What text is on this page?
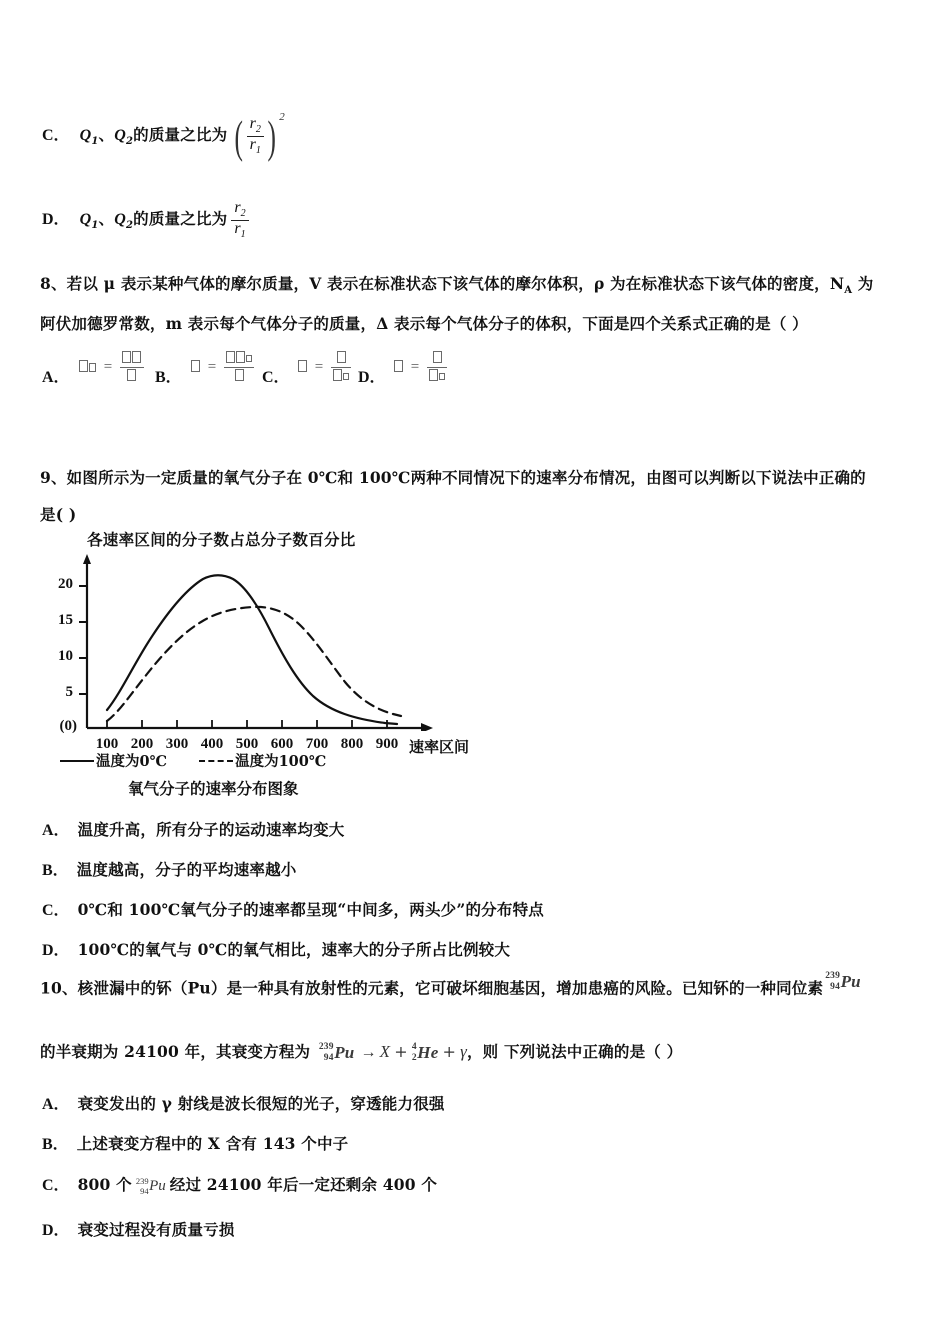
C． $Q_1$、$Q_2$的质量之比为 ( $\frac{r_2}{r_1}$ ) $^2$
D． $Q_1$、$Q_2$的质量之比为 $\frac{r_2}{r_1}$
8、若以 μ 表示某种气体的摩尔质量，V 表示在标准状态下该气体的摩尔体积，ρ 为在标准状态下该气体的密度，$N_A$ 为
阿伏加德罗常数，m 表示每个气体分子的质量，Δ 表示每个气体分子的体积，下面是四个关系式正确的是（ ）
A．
=
B．
=
C．
=
D．
=
9、如图所示为一定质量的氧气分子在 0℃和 100℃两种不同情况下的速率分布情况，由图可以判断以下说法中正确的
是( )
各速率区间的分子数占总分子数百分比
20
15
10
5
(0)
100 200 300 400 500 600 700 800 900 速率区间
温度为0℃	温度为100℃
氧气分子的速率分布图象
A． 温度升高，所有分子的运动速率均变大
B． 温度越高，分子的平均速率越小
C． 0℃和 100℃氧气分子的速率都呈现“中间多，两头少”的分布特点
D． 100℃的氧气与 0℃的氧气相比，速率大的分子所占比例较大
10、核泄漏中的钚（Pu）是一种具有放射性的元素，它可破坏细胞基因，增加患癌的风险。已知钚的一种同位素
239
94 Pu
的半衰期为 24100 年，其衰变方程为 239
94 Pu → X + 4
2 He + γ，则 下列说法中正确的是（ ）
A． 衰变发出的 γ 射线是波长很短的光子，穿透能力很强
B． 上述衰变方程中的 X 含有 143 个中子
C． 800 个 239
94 Pu 经过 24100 年后一定还剩余 400 个
D． 衰变过程没有质量亏损
